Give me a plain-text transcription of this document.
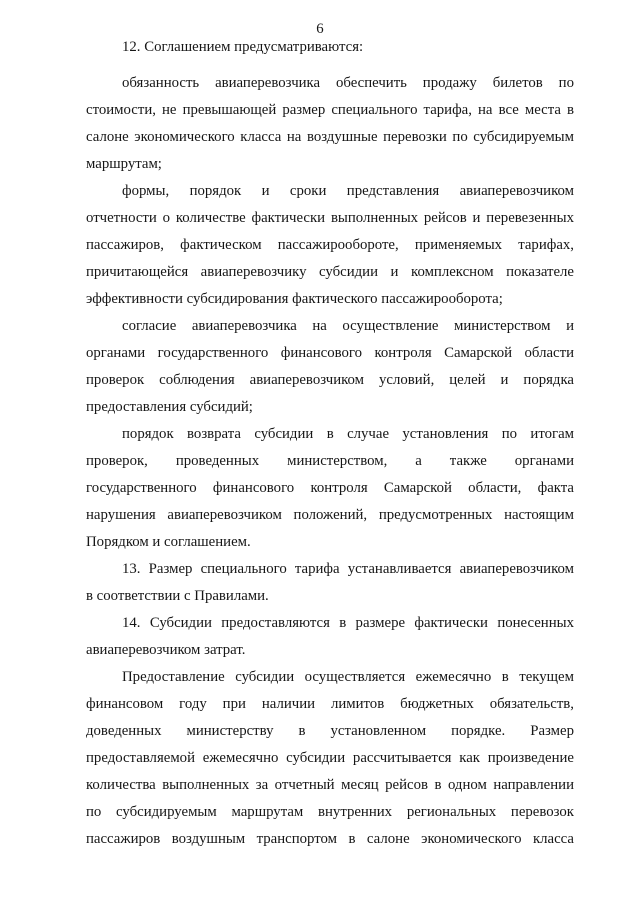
6
12. Соглашением предусматриваются:
обязанность авиаперевозчика обеспечить продажу билетов по
стоимости, не превышающей размер специального тарифа, на все места в
салоне экономического класса на воздушные перевозки по субсидируемым
маршрутам;
формы, порядок и сроки представления авиаперевозчиком
отчетности о количестве фактически выполненных рейсов и перевезенных
пассажиров, фактическом пассажирообороте, применяемых тарифах,
причитающейся авиаперевозчику субсидии и комплексном показателе
эффективности субсидирования фактического пассажирооборота;
согласие авиаперевозчика на осуществление министерством и
органами государственного финансового контроля Самарской области
проверок соблюдения авиаперевозчиком условий, целей и порядка
предоставления субсидий;
порядок возврата субсидии в случае установления по итогам
проверок, проведенных министерством, а также органами
государственного финансового контроля Самарской области, факта
нарушения авиаперевозчиком положений, предусмотренных настоящим
Порядком и соглашением.
13. Размер специального тарифа устанавливается авиаперевозчиком
в соответствии с Правилами.
14. Субсидии предоставляются в размере фактически понесенных
авиаперевозчиком затрат.
Предоставление субсидии осуществляется ежемесячно в текущем
финансовом году при наличии лимитов бюджетных обязательств,
доведенных министерству в установленном порядке. Размер
предоставляемой ежемесячно субсидии рассчитывается как произведение
количества выполненных за отчетный месяц рейсов в одном направлении
по субсидируемым маршрутам внутренних региональных перевозок
пассажиров воздушным транспортом в салоне экономического класса
